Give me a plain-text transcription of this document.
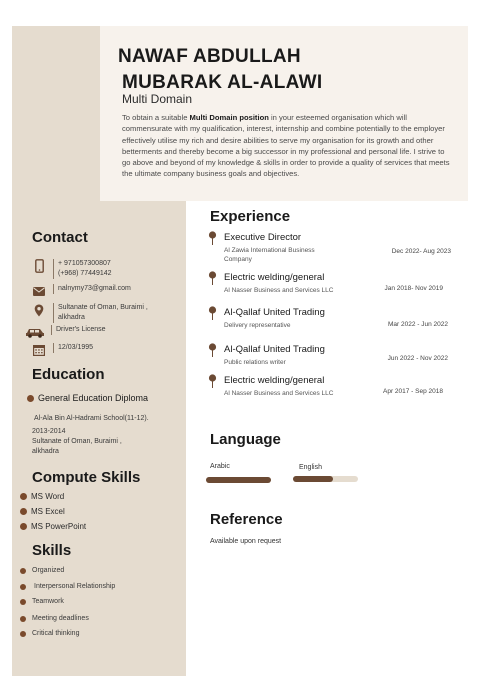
NAWAF ABDULLAH
MUBARAK AL-ALAWI
Multi Domain
To obtain a suitable Multi Domain position in your esteemed organisation which will commensurate with my qualification, interest, internship and combine potentially to the employer effectively utilise my rich and desire abilities to serve my organisation for its growth and other betterments and thereby become a big successor in my professional and personal life. I strive to go above and beyond of my knowledge & skills in order to provide a quality of services that meets the ultimate company business goals and objectives.
Contact
+ 971057300807
(+968) 77449142
nalnymy73@gmail.com
Sultanate of Oman, Buraimi ,
alkhadra
Driver's License
12/03/1995
Education
General Education Diploma
Al-Ala Bin Al-Hadrami School(11-12).
2013-2014
Sultanate of Oman, Buraimi ,
alkhadra
Compute Skills
MS Word
MS Excel
MS PowerPoint
Skills
Organized
Interpersonal Relationship
Teamwork
Meeting deadlines
Critical thinking
Experience
Executive Director
Al Zawia International Business
Company
Dec 2022- Aug 2023
Electric welding/general
Al Nasser Business and Services LLC	Jan 2018- Nov 2019
Al-Qallaf United Trading
Delivery representative	Mar 2022 - Jun 2022
Al-Qallaf United Trading
Public relations writer
Jun 2022 - Nov 2022
Electric welding/general
Al Nasser Business and Services LLC	Apr 2017 - Sep 2018
Language
Arabic	English
Reference
Available upon request
